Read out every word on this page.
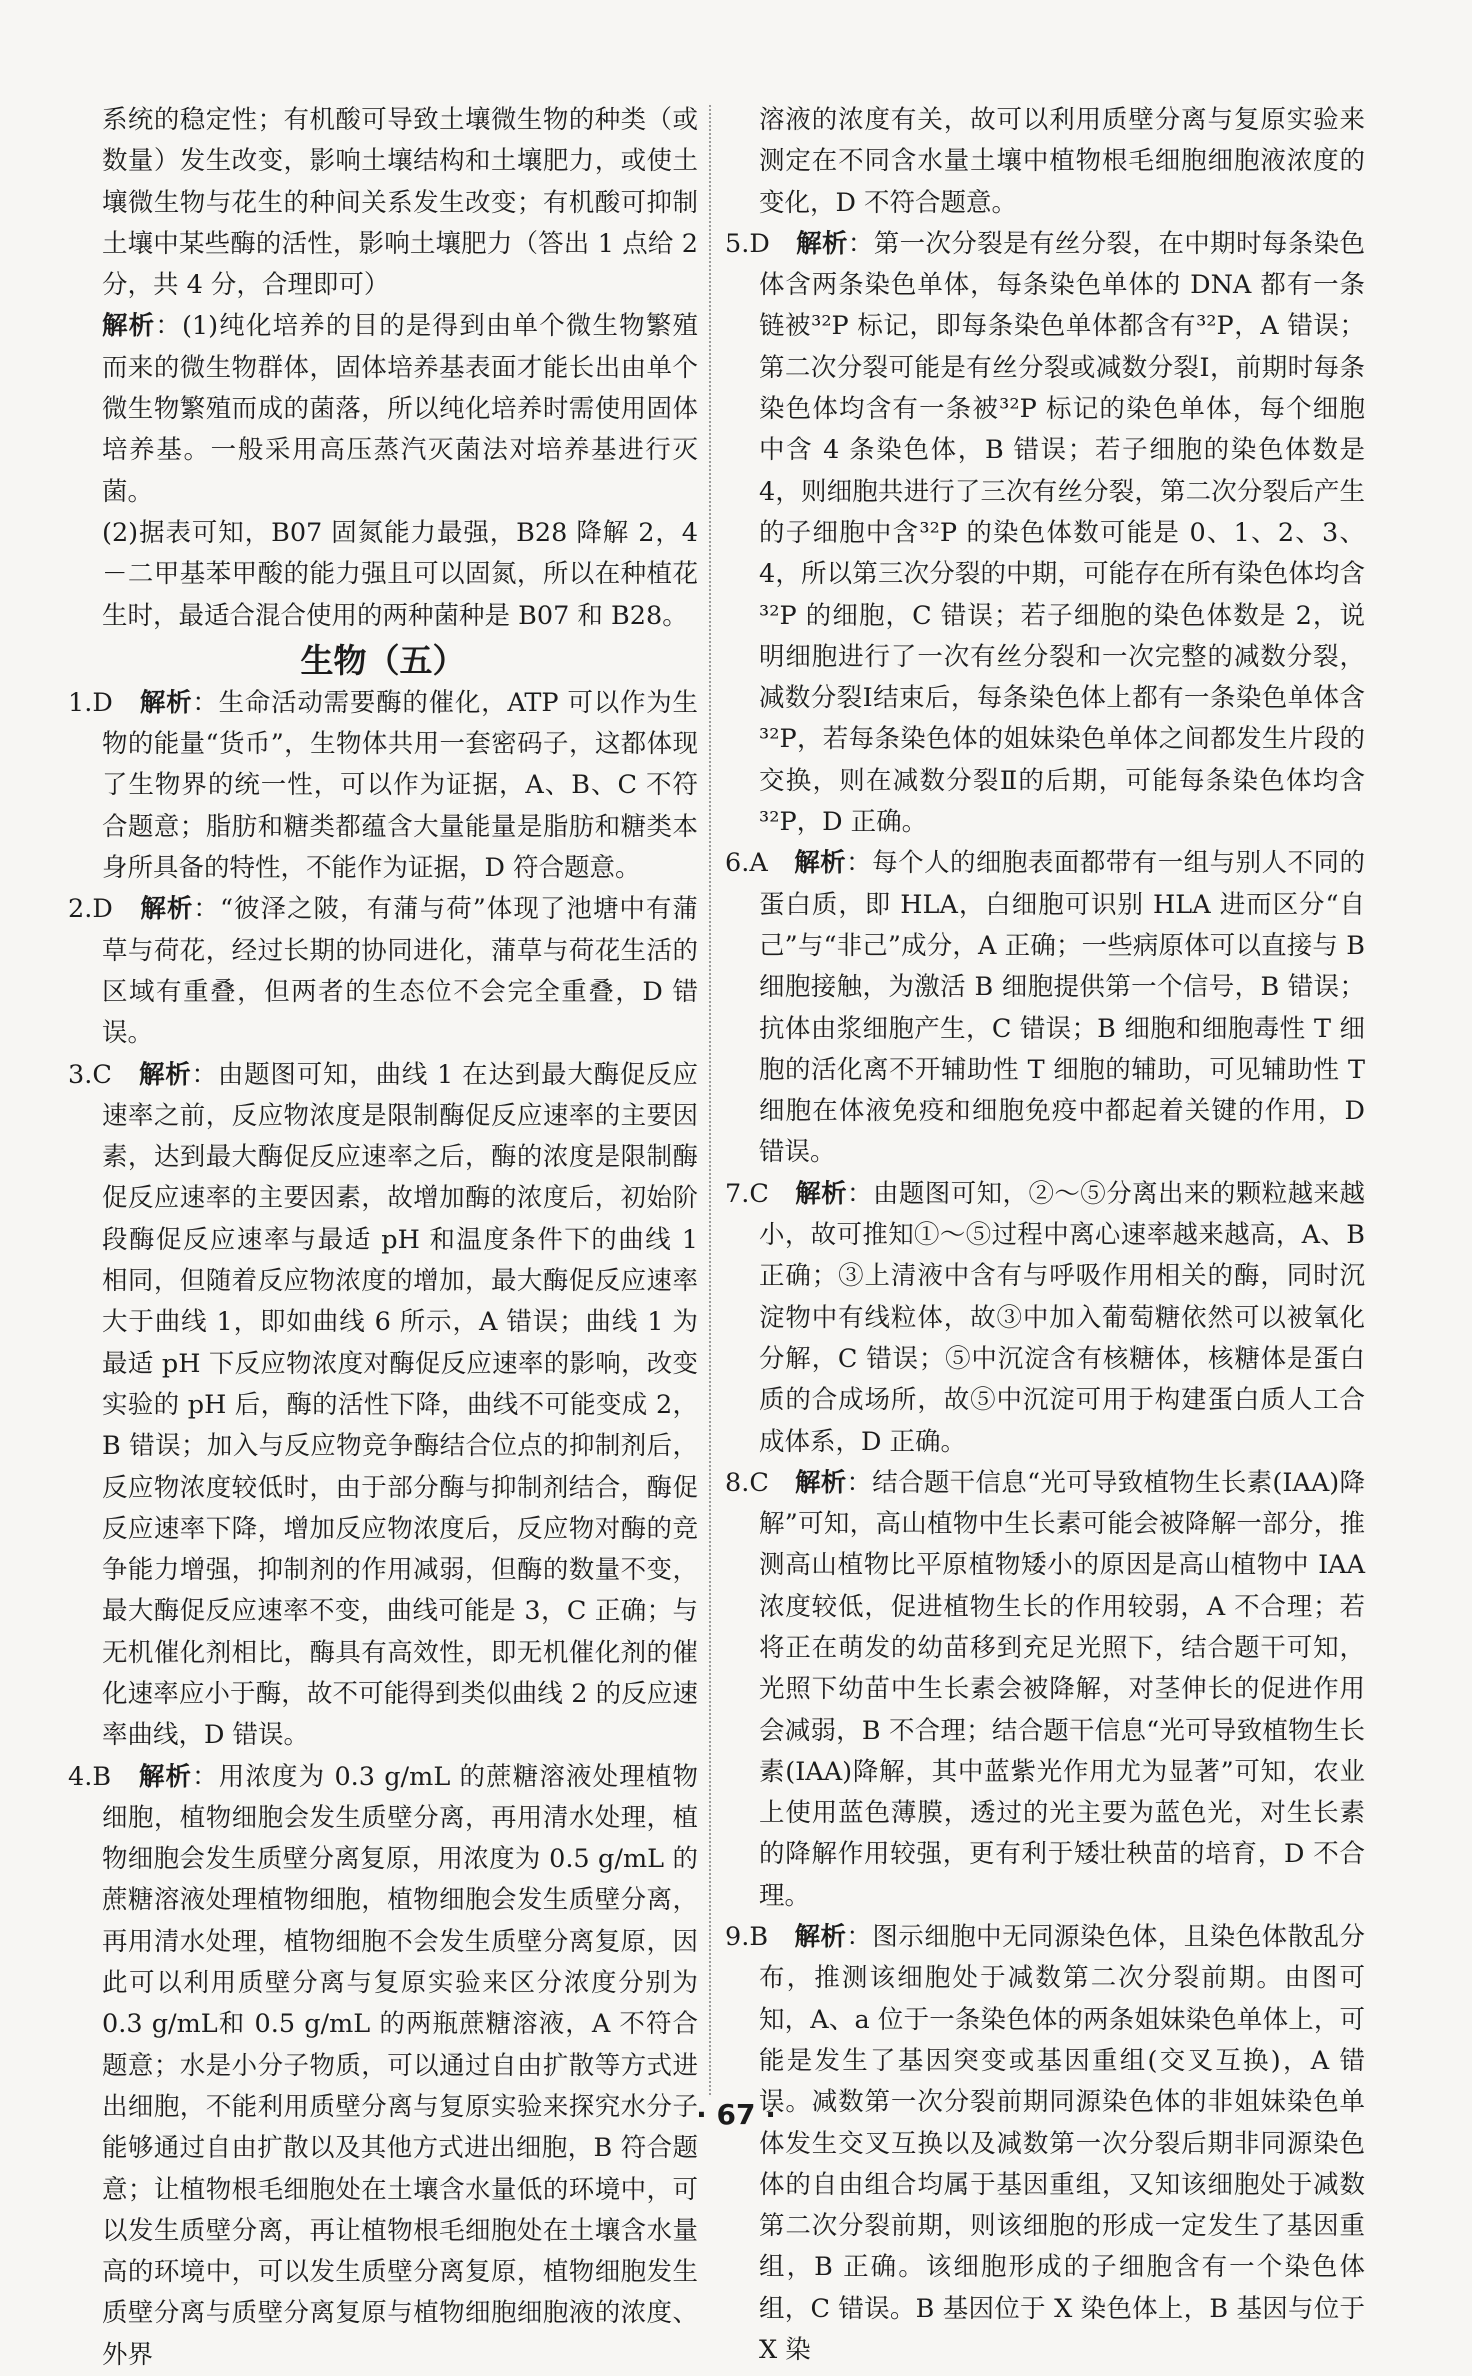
系统的稳定性；有机酸可导致土壤微生物的种类（或数量）发生改变，影响土壤结构和土壤肥力，或使土壤微生物与花生的种间关系发生改变；有机酸可抑制土壤中某些酶的活性，影响土壤肥力（答出 1 点给 2 分，共 4 分，合理即可）

解析：(1)纯化培养的目的是得到由单个微生物繁殖而来的微生物群体，固体培养基表面才能长出由单个微生物繁殖而成的菌落，所以纯化培养时需使用固体培养基。一般采用高压蒸汽灭菌法对培养基进行灭菌。

(2)据表可知，B07 固氮能力最强，B28 降解 2，4－二甲基苯甲酸的能力强且可以固氮，所以在种植花生时，最适合混合使用的两种菌种是 B07 和 B28。

生物（五）

1.D　 解析：生命活动需要酶的催化，ATP 可以作为生物的能量“货币”，生物体共用一套密码子，这都体现了生物界的统一性，可以作为证据，A、B、C 不符合题意；脂肪和糖类都蕴含大量能量是脂肪和糖类本身所具备的特性，不能作为证据，D 符合题意。

2.D　 解析：“彼泽之陂，有蒲与荷”体现了池塘中有蒲草与荷花，经过长期的协同进化，蒲草与荷花生活的区域有重叠，但两者的生态位不会完全重叠，D 错误。

3.C　 解析：由题图可知，曲线 1 在达到最大酶促反应速率之前，反应物浓度是限制酶促反应速率的主要因素，达到最大酶促反应速率之后，酶的浓度是限制酶促反应速率的主要因素，故增加酶的浓度后，初始阶段酶促反应速率与最适 pH 和温度条件下的曲线 1 相同，但随着反应物浓度的增加，最大酶促反应速率大于曲线 1，即如曲线 6 所示，A 错误；曲线 1 为最适 pH 下反应物浓度对酶促反应速率的影响，改变实验的 pH 后，酶的活性下降，曲线不可能变成 2，B 错误；加入与反应物竞争酶结合位点的抑制剂后，反应物浓度较低时，由于部分酶与抑制剂结合，酶促反应速率下降，增加反应物浓度后，反应物对酶的竞争能力增强，抑制剂的作用减弱，但酶的数量不变，最大酶促反应速率不变，曲线可能是 3，C 正确；与无机催化剂相比，酶具有高效性，即无机催化剂的催化速率应小于酶，故不可能得到类似曲线 2 的反应速率曲线，D 错误。

4.B　 解析：用浓度为 0.3 g/mL 的蔗糖溶液处理植物细胞，植物细胞会发生质壁分离，再用清水处理，植物细胞会发生质壁分离复原，用浓度为 0.5 g/mL 的蔗糖溶液处理植物细胞，植物细胞会发生质壁分离，再用清水处理，植物细胞不会发生质壁分离复原，因此可以利用质壁分离与复原实验来区分浓度分别为 0.3 g/mL和 0.5 g/mL 的两瓶蔗糖溶液，A 不符合题意；水是小分子物质，可以通过自由扩散等方式进出细胞，不能利用质壁分离与复原实验来探究水分子能够通过自由扩散以及其他方式进出细胞，B 符合题意；让植物根毛细胞处在土壤含水量低的环境中，可以发生质壁分离，再让植物根毛细胞处在土壤含水量高的环境中，可以发生质壁分离复原，植物细胞发生质壁分离与质壁分离复原与植物细胞细胞液的浓度、外界

溶液的浓度有关，故可以利用质壁分离与复原实验来测定在不同含水量土壤中植物根毛细胞细胞液浓度的变化，D 不符合题意。

5.D　 解析：第一次分裂是有丝分裂，在中期时每条染色体含两条染色单体，每条染色单体的 DNA 都有一条链被³²P 标记，即每条染色单体都含有³²P，A 错误；第二次分裂可能是有丝分裂或减数分裂Ⅰ，前期时每条染色体均含有一条被³²P 标记的染色单体，每个细胞中含 4 条染色体，B 错误；若子细胞的染色体数是 4，则细胞共进行了三次有丝分裂，第二次分裂后产生的子细胞中含³²P 的染色体数可能是 0、1、2、3、4，所以第三次分裂的中期，可能存在所有染色体均含³²P 的细胞，C 错误；若子细胞的染色体数是 2，说明细胞进行了一次有丝分裂和一次完整的减数分裂，减数分裂Ⅰ结束后，每条染色体上都有一条染色单体含³²P，若每条染色体的姐妹染色单体之间都发生片段的交换，则在减数分裂Ⅱ的后期，可能每条染色体均含³²P，D 正确。

6.A　 解析：每个人的细胞表面都带有一组与别人不同的蛋白质，即 HLA，白细胞可识别 HLA 进而区分“自己”与“非己”成分，A 正确；一些病原体可以直接与 B 细胞接触，为激活 B 细胞提供第一个信号，B 错误；抗体由浆细胞产生，C 错误；B 细胞和细胞毒性 T 细胞的活化离不开辅助性 T 细胞的辅助，可见辅助性 T 细胞在体液免疫和细胞免疫中都起着关键的作用，D 错误。

7.C　 解析：由题图可知，②～⑤分离出来的颗粒越来越小，故可推知①～⑤过程中离心速率越来越高，A、B 正确；③上清液中含有与呼吸作用相关的酶，同时沉淀物中有线粒体，故③中加入葡萄糖依然可以被氧化分解，C 错误；⑤中沉淀含有核糖体，核糖体是蛋白质的合成场所，故⑤中沉淀可用于构建蛋白质人工合成体系，D 正确。

8.C　 解析：结合题干信息“光可导致植物生长素(IAA)降解”可知，高山植物中生长素可能会被降解一部分，推测高山植物比平原植物矮小的原因是高山植物中 IAA 浓度较低，促进植物生长的作用较弱，A 不合理；若将正在萌发的幼苗移到充足光照下，结合题干可知，光照下幼苗中生长素会被降解，对茎伸长的促进作用会减弱，B 不合理；结合题干信息“光可导致植物生长素(IAA)降解，其中蓝紫光作用尤为显著”可知，农业上使用蓝色薄膜，透过的光主要为蓝色光，对生长素的降解作用较强，更有利于矮壮秧苗的培育，D 不合理。

9.B　 解析：图示细胞中无同源染色体，且染色体散乱分布，推测该细胞处于减数第二次分裂前期。由图可知，A、a 位于一条染色体的两条姐妹染色单体上，可能是发生了基因突变或基因重组(交叉互换)，A 错误。减数第一次分裂前期同源染色体的非姐妹染色单体发生交叉互换以及减数第一次分裂后期非同源染色体的自由组合均属于基因重组，又知该细胞处于减数第二次分裂前期，则该细胞的形成一定发生了基因重组，B 正确。该细胞形成的子细胞含有一个染色体组，C 错误。B 基因位于 X 染色体上，B 基因与位于 X 染

· 67 ·
